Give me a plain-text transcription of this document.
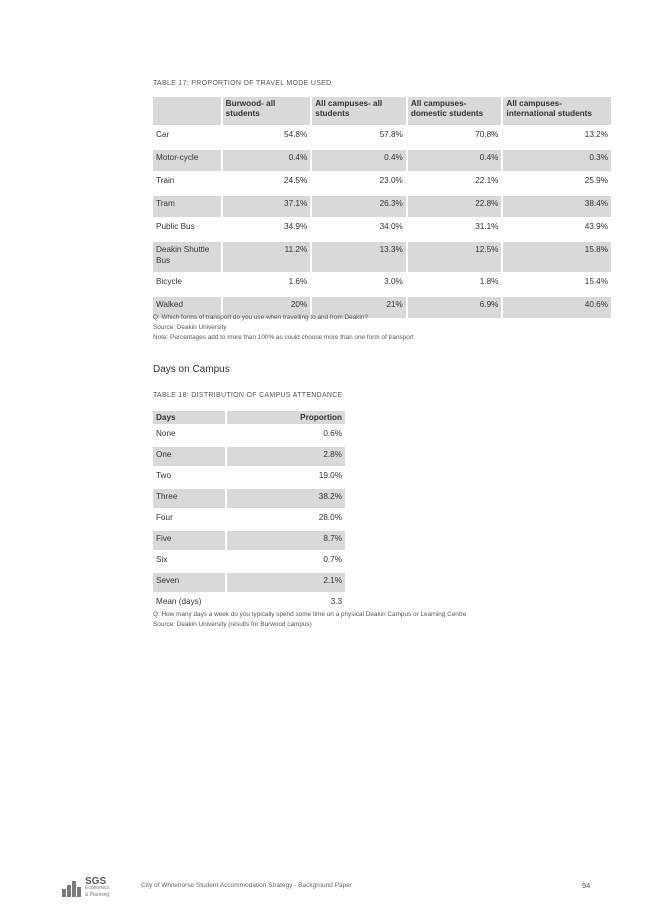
TABLE 17: PROPORTION OF TRAVEL MODE USED
	Burwood- all students	All campuses- all students	All campuses- domestic students	All campuses- international students
Car	54.8%	57.8%	70.8%	13.2%
Motor-cycle	0.4%	0.4%	0.4%	0.3%
Train	24.5%	23.0%	22.1%	25.9%
Tram	37.1%	26.3%	22.8%	38.4%
Public Bus	34.9%	34.0%	31.1%	43.9%
Deakin Shuttle Bus	11.2%	13.3%	12.5%	15.8%
Bicycle	1.6%	3.0%	1.8%	15.4%
Walked	20%	21%	6.9%	40.6%
Q: Which forms of transport do you use when travelling to and from Deakin?
Source: Deakin University
Note: Percentages add to more than 100% as could choose more than one form of transport
Days on Campus
TABLE 18: DISTRIBUTION OF CAMPUS ATTENDANCE
Days	Proportion
None	0.6%
One	2.8%
Two	19.0%
Three	38.2%
Four	28.0%
Five	8.7%
Six	0.7%
Seven	2.1%
Mean (days)	3.3
Q: How many days a week do you typically spend some time on a physical Deakin Campus or Learning Centre
Source: Deakin University (results for Burwood campus)
SGS
Economics
& Planning
City of Whitehorse Student Accommodation Strategy - Background Paper	94
